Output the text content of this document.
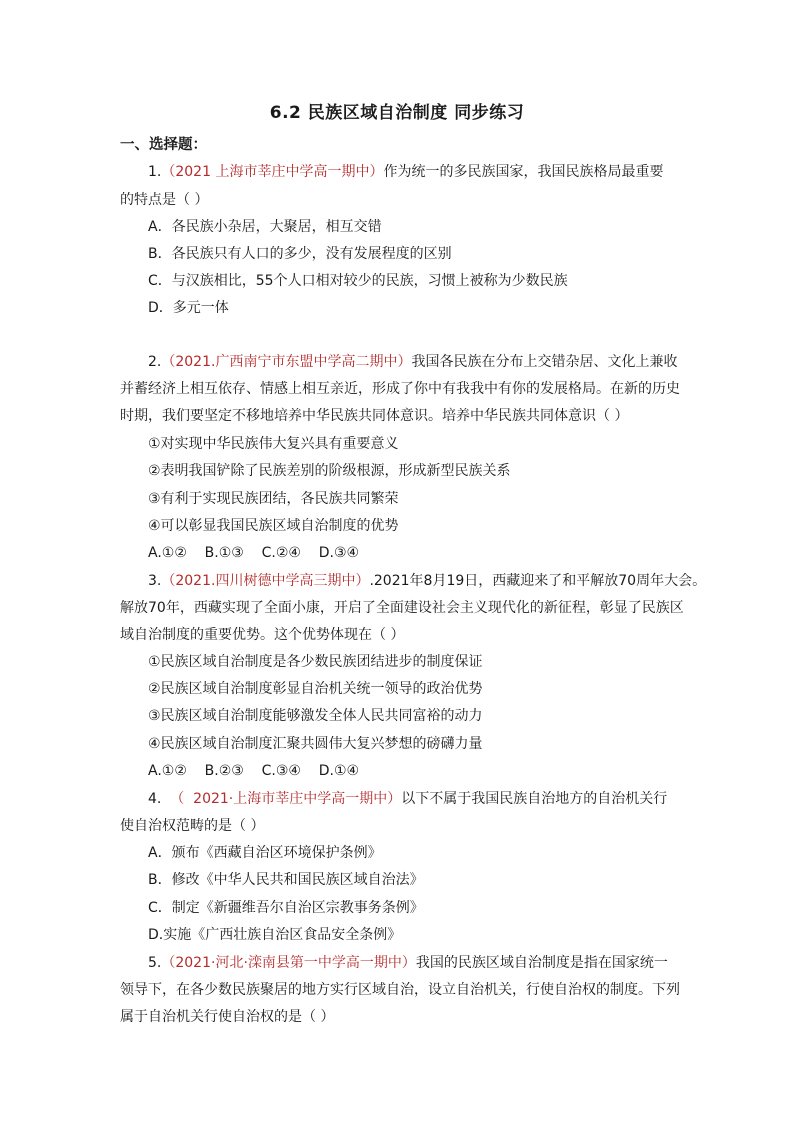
6.2 民族区域自治制度 同步练习
一、选择题：
1.（2021 上海市莘庄中学高一期中）作为统一的多民族国家，我国民族格局最重要
的特点是（ ）
A．各民族小杂居，大聚居，相互交错
B．各民族只有人口的多少，没有发展程度的区别
C．与汉族相比，55个人口相对较少的民族，习惯上被称为少数民族
D．多元一体
2.（2021.广西南宁市东盟中学高二期中）我国各民族在分布上交错杂居、文化上兼收
并蓄经济上相互依存、情感上相互亲近，形成了你中有我我中有你的发展格局。在新的历史
时期，我们要坚定不移地培养中华民族共同体意识。培养中华民族共同体意识（ ）
①对实现中华民族伟大复兴具有重要意义
②表明我国铲除了民族差别的阶级根源，形成新型民族关系
③有利于实现民族团结，各民族共同繁荣
④可以彰显我国民族区域自治制度的优势
A.①②    B.①③    C.②④    D.③④
3.（2021.四川树德中学高三期中）.2021年8月19日，西藏迎来了和平解放70周年大会。
解放70年，西藏实现了全面小康，开启了全面建设社会主义现代化的新征程，彰显了民族区
域自治制度的重要优势。这个优势体现在（ ）
①民族区域自治制度是各少数民族团结进步的制度保证
②民族区域自治制度彰显自治机关统一领导的政治优势
③民族区域自治制度能够激发全体人民共同富裕的动力
④民族区域自治制度汇聚共圆伟大复兴梦想的磅礴力量
A.①②    B.②③    C.③④    D.①④
4. （  2021·上海市莘庄中学高一期中）以下不属于我国民族自治地方的自治机关行
使自治权范畴的是（ ）
A．颁布《西藏自治区环境保护条例》
B．修改《中华人民共和国民族区域自治法》
C．制定《新疆维吾尔自治区宗教事务条例》
D.实施《广西壮族自治区食品安全条例》
5.（2021·河北·滦南县第一中学高一期中）我国的民族区域自治制度是指在国家统一
领导下，在各少数民族聚居的地方实行区域自治，设立自治机关，行使自治权的制度。下列
属于自治机关行使自治权的是（ ）
